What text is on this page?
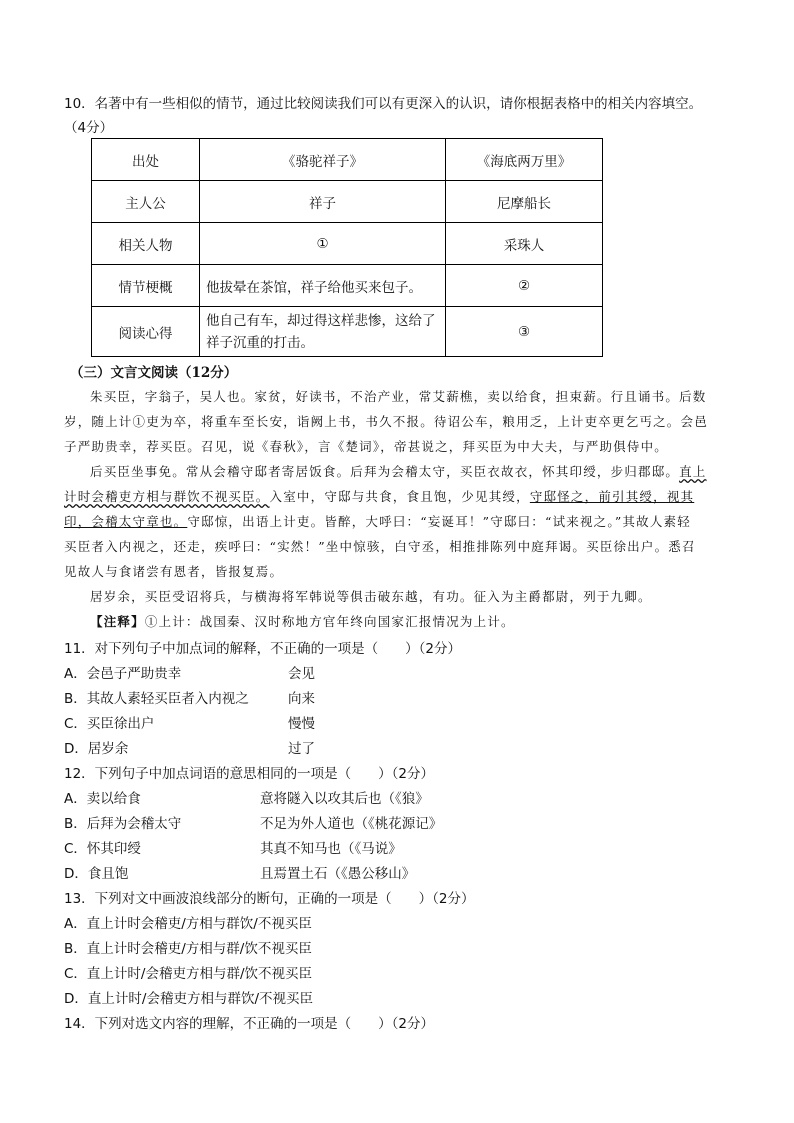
10．名著中有一些相似的情节，通过比较阅读我们可以有更深入的认识，请你根据表格中的相关内容填空。
（4分）
出处	《骆驼祥子》	《海底两万里》
主人公	祥子	尼摩船长
相关人物	①	采珠人
情节梗概	他拔晕在茶馆，祥子给他买来包子。	②
阅读心得	他自己有车，却过得这样悲惨，这给了祥子沉重的打击。	③
（三）文言文阅读（12分）
朱买臣，字翁子，吴人也。家贫，好读书，不治产业，常艾薪樵，卖以给食，担束薪。行且诵书。后数
岁，随上计①吏为卒，将重车至长安，诣阙上书，书久不报。待诏公车，粮用乏，上计吏卒更乞丐之。会邑
子严助贵幸，荐买臣。召见，说《春秋》，言《楚词》，帝甚说之，拜买臣为中大夫，与严助俱侍中。
后买臣坐事免。常从会稽守邸者寄居饭食。后拜为会稽太守，买臣衣故衣，怀其印绶，步归郡邸。直上
计时会稽吏方相与群饮不视买臣。入室中，守邸与共食，食且饱，少见其绶，守邸怪之，前引其绶，视其
印，会稽太守章也。守邸惊，出语上计吏。皆醉，大呼曰：“妄诞耳！”守邸曰：“试来视之。”其故人素轻
买臣者入内视之，还走，疾呼曰：“实然！”坐中惊骇，白守丞，相推排陈列中庭拜谒。买臣徐出户。悉召
见故人与食诸尝有恩者，皆报复焉。
居岁余，买臣受诏将兵，与横海将军韩说等俱击破东越，有功。征入为主爵都尉，列于九卿。
【注释】①上计：战国秦、汉时称地方官年终向国家汇报情况为上计。
11．对下列句子中加点词的解释，不正确的一项是（　　）（2分）
A．会邑子严助贵幸	会见
B．其故人素轻买臣者入内视之	向来
C．买臣徐出户	慢慢
D．居岁余	过了
12．下列句子中加点词语的意思相同的一项是（　　）（2分）
A．卖以给食	意将隧入以攻其后也（《狼》
B．后拜为会稽太守	不足为外人道也（《桃花源记》
C．怀其印绶	其真不知马也（《马说》
D．食且饱	且焉置土石（《愚公移山》
13．下列对文中画波浪线部分的断句，正确的一项是（　　）（2分）
A．直上计时会稽吏/方相与群饮/不视买臣
B．直上计时会稽吏/方相与群/饮不视买臣
C．直上计时/会稽吏方相与群/饮不视买臣
D．直上计时/会稽吏方相与群饮/不视买臣
14．下列对选文内容的理解，不正确的一项是（　　）（2分）
